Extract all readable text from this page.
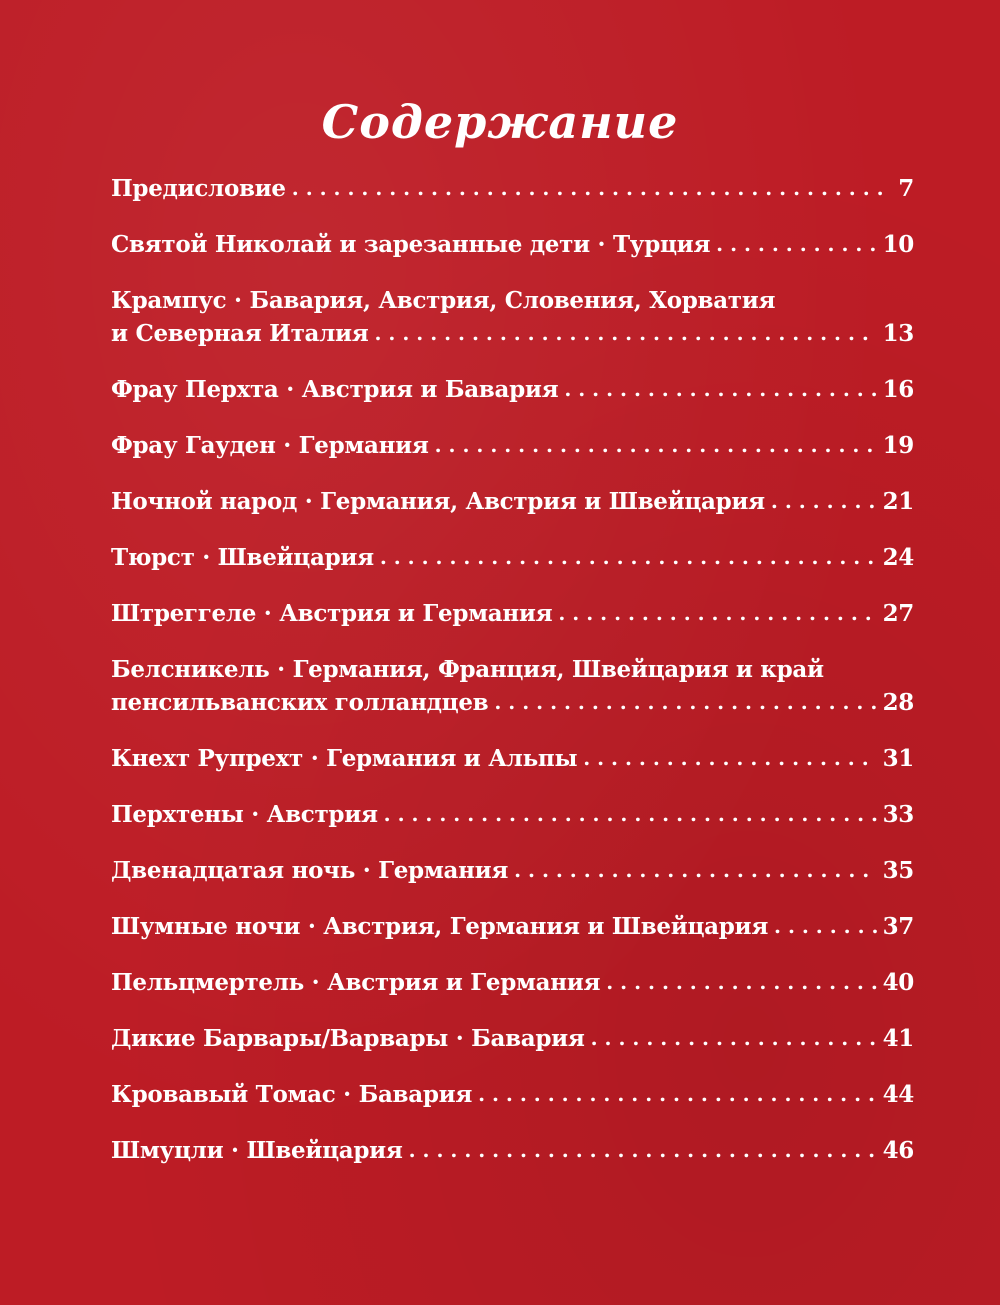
Содержание
Предисловие . . .	7
Святой Николай и зарезанные дети · Турция . . .	10
Крампус · Бавария, Австрия, Словения, Хорватия
и Северная Италия . . .	13
Фрау Перхта · Австрия и Бавария . . .	16
Фрау Гауден · Германия . . .	19
Ночной народ · Германия, Австрия и Швейцария . . .	21
Тюрст · Швейцария . . .	24
Штреггеле · Австрия и Германия . . .	27
Белсникель · Германия, Франция, Швейцария и край
пенсильванских голландцев . . .	28
Кнехт Рупрехт · Германия и Альпы . . .	31
Перхтены · Австрия . . .	33
Двенадцатая ночь · Германия . . .	35
Шумные ночи · Австрия, Германия и Швейцария . . .	37
Пельцмертель · Австрия и Германия . . .	40
Дикие Барвары/Варвары · Бавария . . .	41
Кровавый Томас · Бавария . . .	44
Шмуцли · Швейцария . . .	46
